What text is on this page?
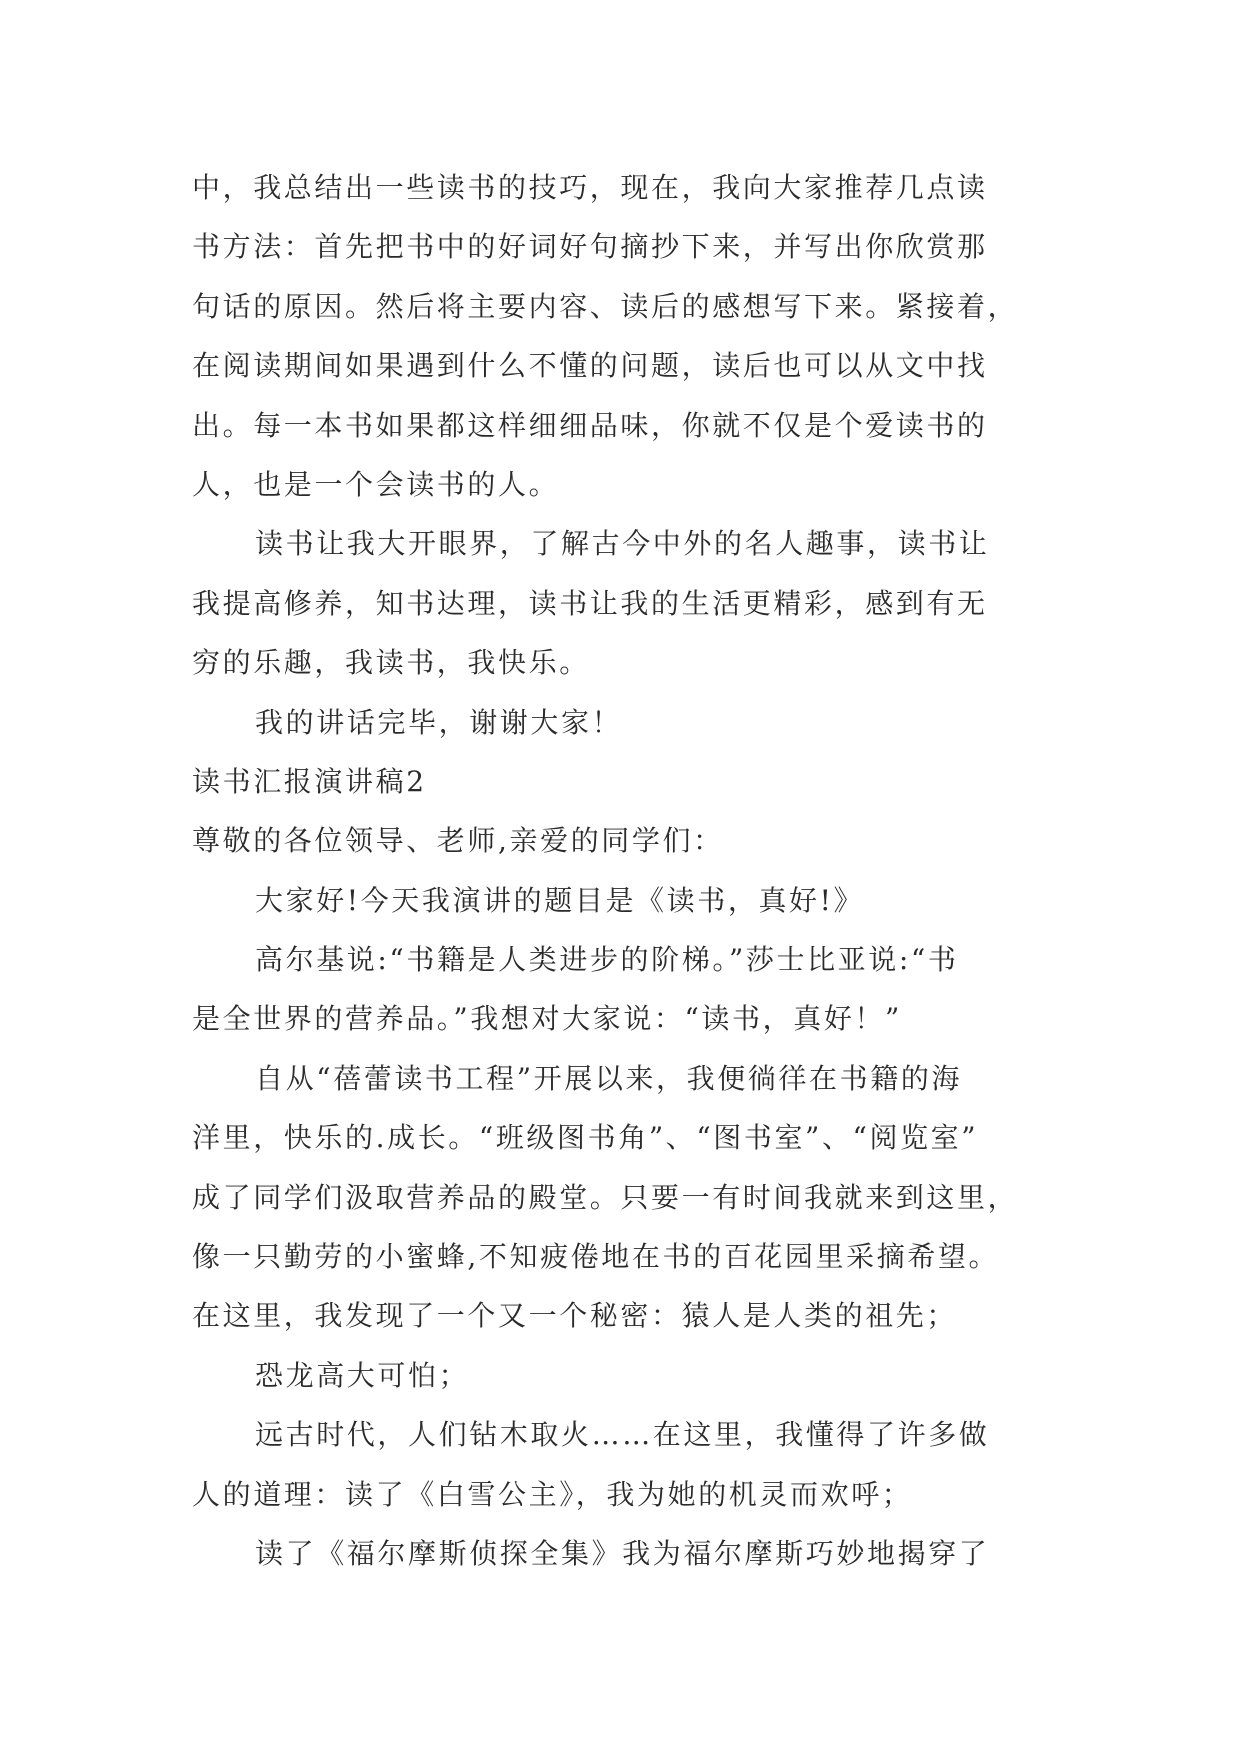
中，我总结出一些读书的技巧，现在，我向大家推荐几点读
书方法：首先把书中的好词好句摘抄下来，并写出你欣赏那
句话的原因。然后将主要内容、读后的感想写下来。紧接着，
在阅读期间如果遇到什么不懂的问题，读后也可以从文中找
出。每一本书如果都这样细细品味，你就不仅是个爱读书的
人，也是一个会读书的人。
读书让我大开眼界，了解古今中外的名人趣事，读书让
我提高修养，知书达理，读书让我的生活更精彩，感到有无
穷的乐趣，我读书，我快乐。
我的讲话完毕，谢谢大家！
读书汇报演讲稿2
尊敬的各位领导、老师,亲爱的同学们：
大家好!今天我演讲的题目是《读书，真好!》
高尔基说:“书籍是人类进步的阶梯。”莎士比亚说:“书
是全世界的营养品。”我想对大家说：“读书，真好！”
自从“蓓蕾读书工程”开展以来，我便徜徉在书籍的海
洋里，快乐的.成长。“班级图书角”、“图书室”、“阅览室”
成了同学们汲取营养品的殿堂。只要一有时间我就来到这里，
像一只勤劳的小蜜蜂,不知疲倦地在书的百花园里采摘希望。
在这里，我发现了一个又一个秘密：猿人是人类的祖先；
恐龙高大可怕；
远古时代，人们钻木取火……在这里，我懂得了许多做
人的道理：读了《白雪公主》，我为她的机灵而欢呼；
读了《福尔摩斯侦探全集》我为福尔摩斯巧妙地揭穿了
